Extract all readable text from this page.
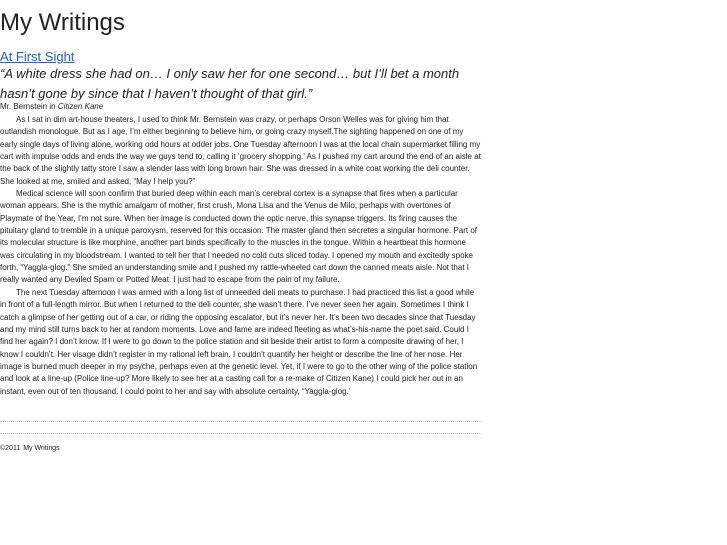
My Writings
At First Sight
“A white dress she had on… I only saw her for one second… but I’ll bet a month hasn’t gone by since that I haven’t thought of that girl.”
Mr. Bernstein in Citizen Kane

As I sat in dim art-house theaters, I used to think Mr. Bernstein was crazy, or perhaps Orson Welles was for giving him that outlandish monologue. But as I age, I’m either beginning to believe him, or going crazy myself.The sighting happened on one of my early single days of living alone, working odd hours at odder jobs. One Tuesday afternoon I was at the local chain supermarket filling my cart with impulse odds and ends the way we guys tend to, calling it ‘grocery shopping.’ As I pushed my cart around the end of an aisle at the back of the slightly tatty store I saw a slender lass with long brown hair. She was dressed in a white coat working the deli counter. She looked at me, smiled and asked, “May I help you?”

Medical science will soon confirm that buried deep within each man’s cerebral cortex is a synapse that fires when a particular woman appears. She is the mythic amalgam of mother, first crush, Mona Lisa and the Venus de Milo, perhaps with overtones of Playmate of the Year, I’m not sure. When her image is conducted down the optic nerve, this synapse triggers. Its firing causes the pituitary gland to tremble in a unique paroxysm, reserved for this occasion. The master gland then secretes a singular hormone. Part of its molecular structure is like morphine, another part binds specifically to the muscles in the tongue. Within a heartbeat this hormone was circulating in my bloodstream. I wanted to tell her that I needed no cold cuts sliced today. I opened my mouth and excitedly spoke forth, “Yaggla-glog.” She smiled an understanding smile and I pushed my rattle-wheeled cart down the canned meats aisle. Not that I really wanted any Deviled Spam or Potted Meat. I just had to escape from the pain of my failure.

The next Tuesday afternoon I was armed with a long list of unneeded deli meats to purchase. I had practiced this list a good while in front of a full-length mirror. But when I returned to the deli counter, she wasn’t there. I’ve never seen her again. Sometimes I think I catch a glimpse of her getting out of a car, or riding the opposing escalator, but it’s never her. It’s been two decades since that Tuesday and my mind still turns back to her at random moments. Love and fame are indeed fleeting as what’s-his-name the poet said. Could I find her again? I don’t know. If I were to go down to the police station and sit beside their artist to form a composite drawing of her, I know I couldn’t. Her visage didn’t register in my rational left brain. I couldn’t quantify her height or describe the line of her nose. Her image is burned much deeper in my psyche, perhaps even at the genetic level. Yet, if I were to go to the other wing of the police station and look at a line-up (Police line-up? More likely to see her at a casting call for a re-make of Citizen Kane) I could pick her out in an instant, even out of ten thousand. I could point to her and say with absolute certainty, “Yaggla-glog.’

©2011 My Writings
